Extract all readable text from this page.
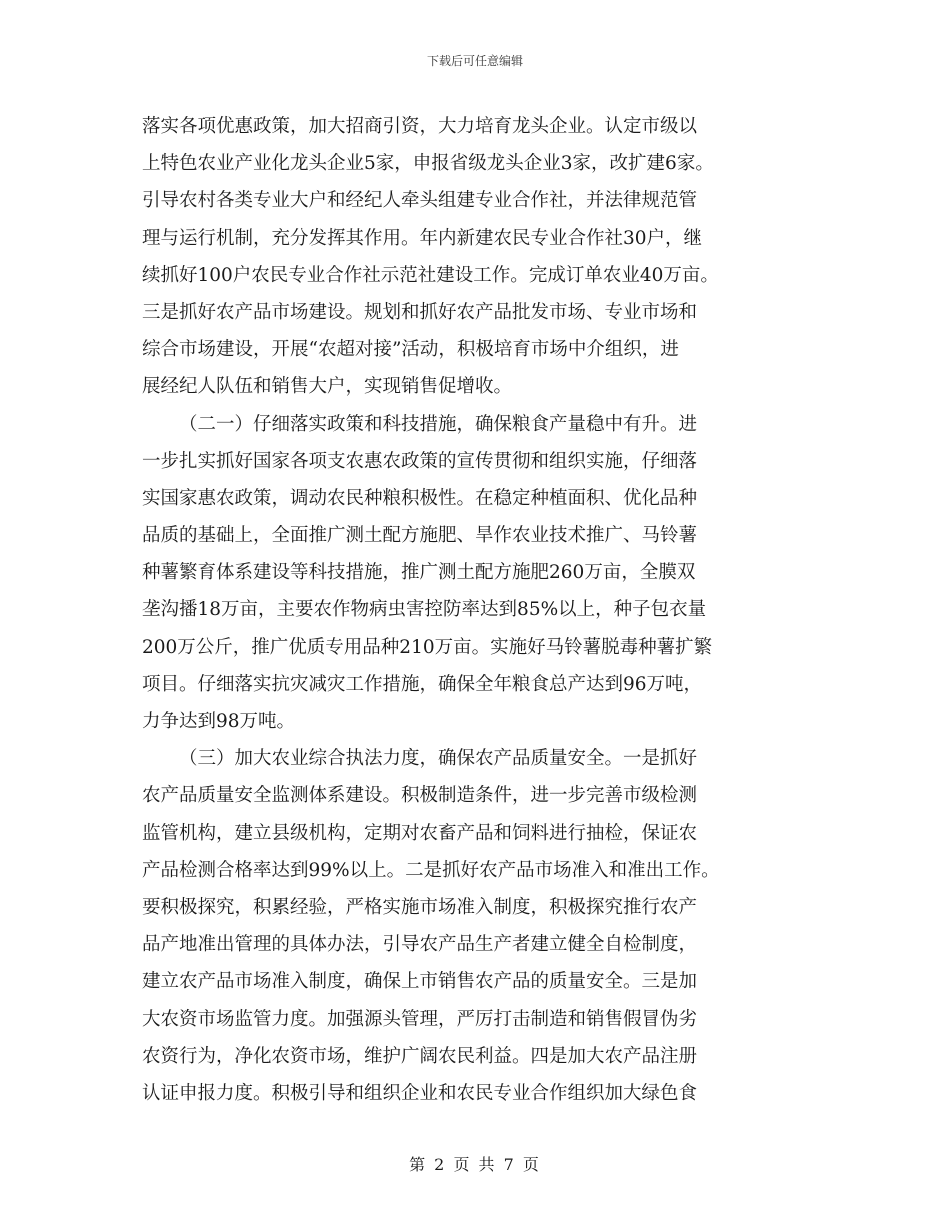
下载后可任意编辑
落实各项优惠政策，加大招商引资，大力培育龙头企业。认定市级以
上特色农业产业化龙头企业5家，申报省级龙头企业3家，改扩建6家。
引导农村各类专业大户和经纪人牵头组建专业合作社，并法律规范管
理与运行机制，充分发挥其作用。年内新建农民专业合作社30户，继
续抓好100户农民专业合作社示范社建设工作。完成订单农业40万亩。
三是抓好农产品市场建设。规划和抓好农产品批发市场、专业市场和
综合市场建设，开展“农超对接”活动，积极培育市场中介组织，进
展经纪人队伍和销售大户，实现销售促增收。
（二一）仔细落实政策和科技措施，确保粮食产量稳中有升。进
一步扎实抓好国家各项支农惠农政策的宣传贯彻和组织实施，仔细落
实国家惠农政策，调动农民种粮积极性。在稳定种植面积、优化品种
品质的基础上，全面推广测土配方施肥、旱作农业技术推广、马铃薯
种薯繁育体系建设等科技措施，推广测土配方施肥260万亩，全膜双
垄沟播18万亩，主要农作物病虫害控防率达到85%以上，种子包衣量
200万公斤，推广优质专用品种210万亩。实施好马铃薯脱毒种薯扩繁
项目。仔细落实抗灾减灾工作措施，确保全年粮食总产达到96万吨，
力争达到98万吨。
（三）加大农业综合执法力度，确保农产品质量安全。一是抓好
农产品质量安全监测体系建设。积极制造条件，进一步完善市级检测
监管机构，建立县级机构，定期对农畜产品和饲料进行抽检，保证农
产品检测合格率达到99%以上。二是抓好农产品市场准入和准出工作。
要积极探究，积累经验，严格实施市场准入制度，积极探究推行农产
品产地准出管理的具体办法，引导农产品生产者建立健全自检制度，
建立农产品市场准入制度，确保上市销售农产品的质量安全。三是加
大农资市场监管力度。加强源头管理，严厉打击制造和销售假冒伪劣
农资行为，净化农资市场，维护广阔农民利益。四是加大农产品注册
认证申报力度。积极引导和组织企业和农民专业合作组织加大绿色食
第 2 页 共 7 页
